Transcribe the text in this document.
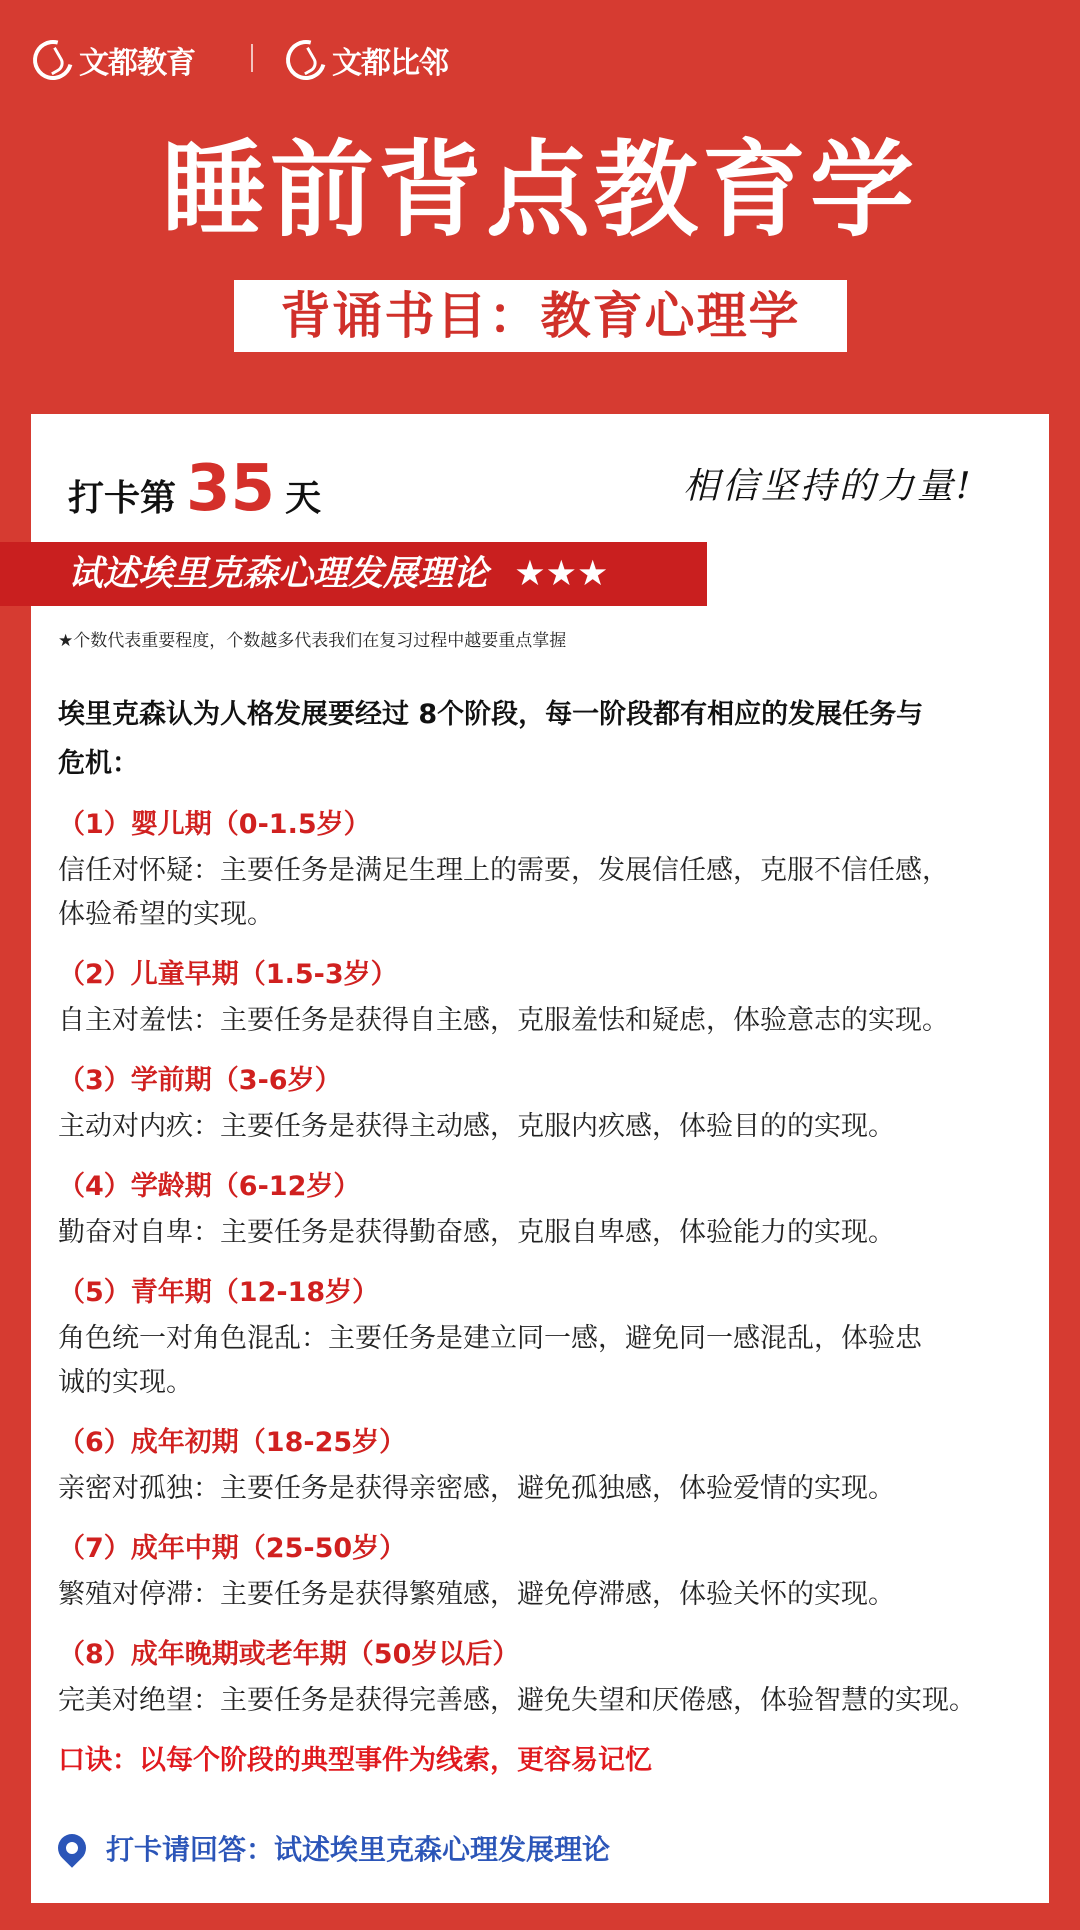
文都教育	文都比邻
睡前背点教育学
背诵书目：教育心理学
打卡第 35 天	相信坚持的力量!
试述埃里克森心理发展理论 ★★★
★个数代表重要程度，个数越多代表我们在复习过程中越要重点掌握
埃里克森认为人格发展要经过 8个阶段，每一阶段都有相应的发展任务与
危机：
（1）婴儿期（0-1.5岁）
信任对怀疑：主要任务是满足生理上的需要，发展信任感，克服不信任感，
体验希望的实现。
（2）儿童早期（1.5-3岁）
自主对羞怯：主要任务是获得自主感，克服羞怯和疑虑，体验意志的实现。
（3）学前期（3-6岁）
主动对内疚：主要任务是获得主动感，克服内疚感，体验目的的实现。
（4）学龄期（6-12岁）
勤奋对自卑：主要任务是获得勤奋感，克服自卑感，体验能力的实现。
（5）青年期（12-18岁）
角色统一对角色混乱：主要任务是建立同一感，避免同一感混乱，体验忠
诚的实现。
（6）成年初期（18-25岁）
亲密对孤独：主要任务是获得亲密感，避免孤独感，体验爱情的实现。
（7）成年中期（25-50岁）
繁殖对停滞：主要任务是获得繁殖感，避免停滞感，体验关怀的实现。
（8）成年晚期或老年期（50岁以后）
完美对绝望：主要任务是获得完善感，避免失望和厌倦感，体验智慧的实现。
口诀：以每个阶段的典型事件为线索，更容易记忆
打卡请回答：试述埃里克森心理发展理论
